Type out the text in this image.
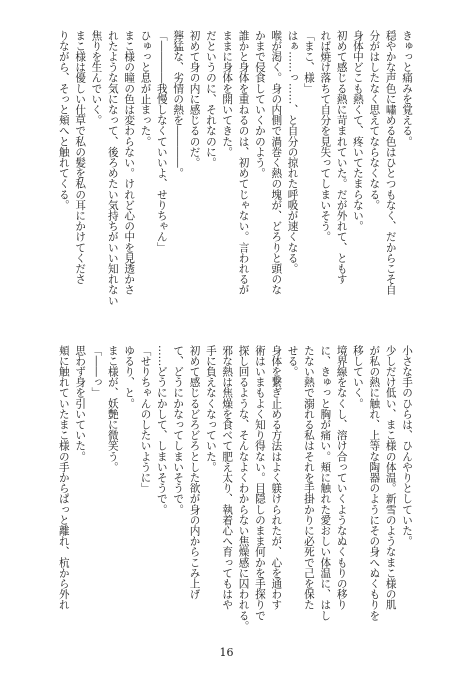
きゅっと痛みを覚える。
穏やかな声色に嘯める色はひとつもなく、だからこそ自
分がはしたなく思えてならなくなる。
身体中どこも熱くて、疼いてたまらない。
初めて感じる熱に苛まれていた。だが外れて、ともす
れば焼け落ちて自分を見失ってしまいそう。
「まこ、様」
はぁ……っ……、と自分の掠れた呼吸が速くなる。
喉が渇く。身の内側で渦巻く熱の塊が、どろりと頭のな
かまで侵食していくかのよう。
誰かと身体を重ねるのは、初めてじゃない。言われるが
ままに身体を開いてきた。
だというのに、それなのに。
初めて身の内に感じるのだ。
獰猛な、劣情の熱を――――。
「――――我慢しなくていいよ、せりちゃん」
ひゅっと息が止まった。
まこ様の瞳の色は変わらない。けれど心の中を見透かさ
れたような気になって、後ろめたい気持ちがいい知れない
焦りを生んでいく。
まこ様は優しい仕草で私の髪を私の耳にかけてくださ
りながら、そっと頬へと触れてくる。
小さな手のひらは、ひんやりとしていた。
少しだけ低い、まこ様の体温。新雪のようなまこ様の肌
が私の熱に触れ、上等な陶器のようにその身へぬくもりを
移していく。
境界線をなくし、溶け合っていくようなぬくもりの移り
に、きゅっと胸が痛い。頬に触れた愛おしい体温に、はし
たない熱で溺れる私はそれを手掛かりに必死で己を保た
せる。
身体を繋ぎ止める方法はよく躾けられたが、心を通わす
術はいまもよく知り得ない。目隠しのまま何かを手探りで
探し回るような、そんなよくわからない焦燥感に囚われる。
邪な熱は焦燥を食べて肥え太り、執着心へ育ってもはや
手に負えなくなっていた。
初めて感じるどろどろとした欲が身の内からこみ上げ
て、どうにかなってしまいそうで。
……どうにかして、しまいそうで。
「せりちゃんのしたいように」
ゆるり、と。
まこ様が、妖艶に微笑う。
「――っ」
思わず身を引いていた。
頬に触れていたまこ様の手からぱっと離れ、杭から外れ
16
